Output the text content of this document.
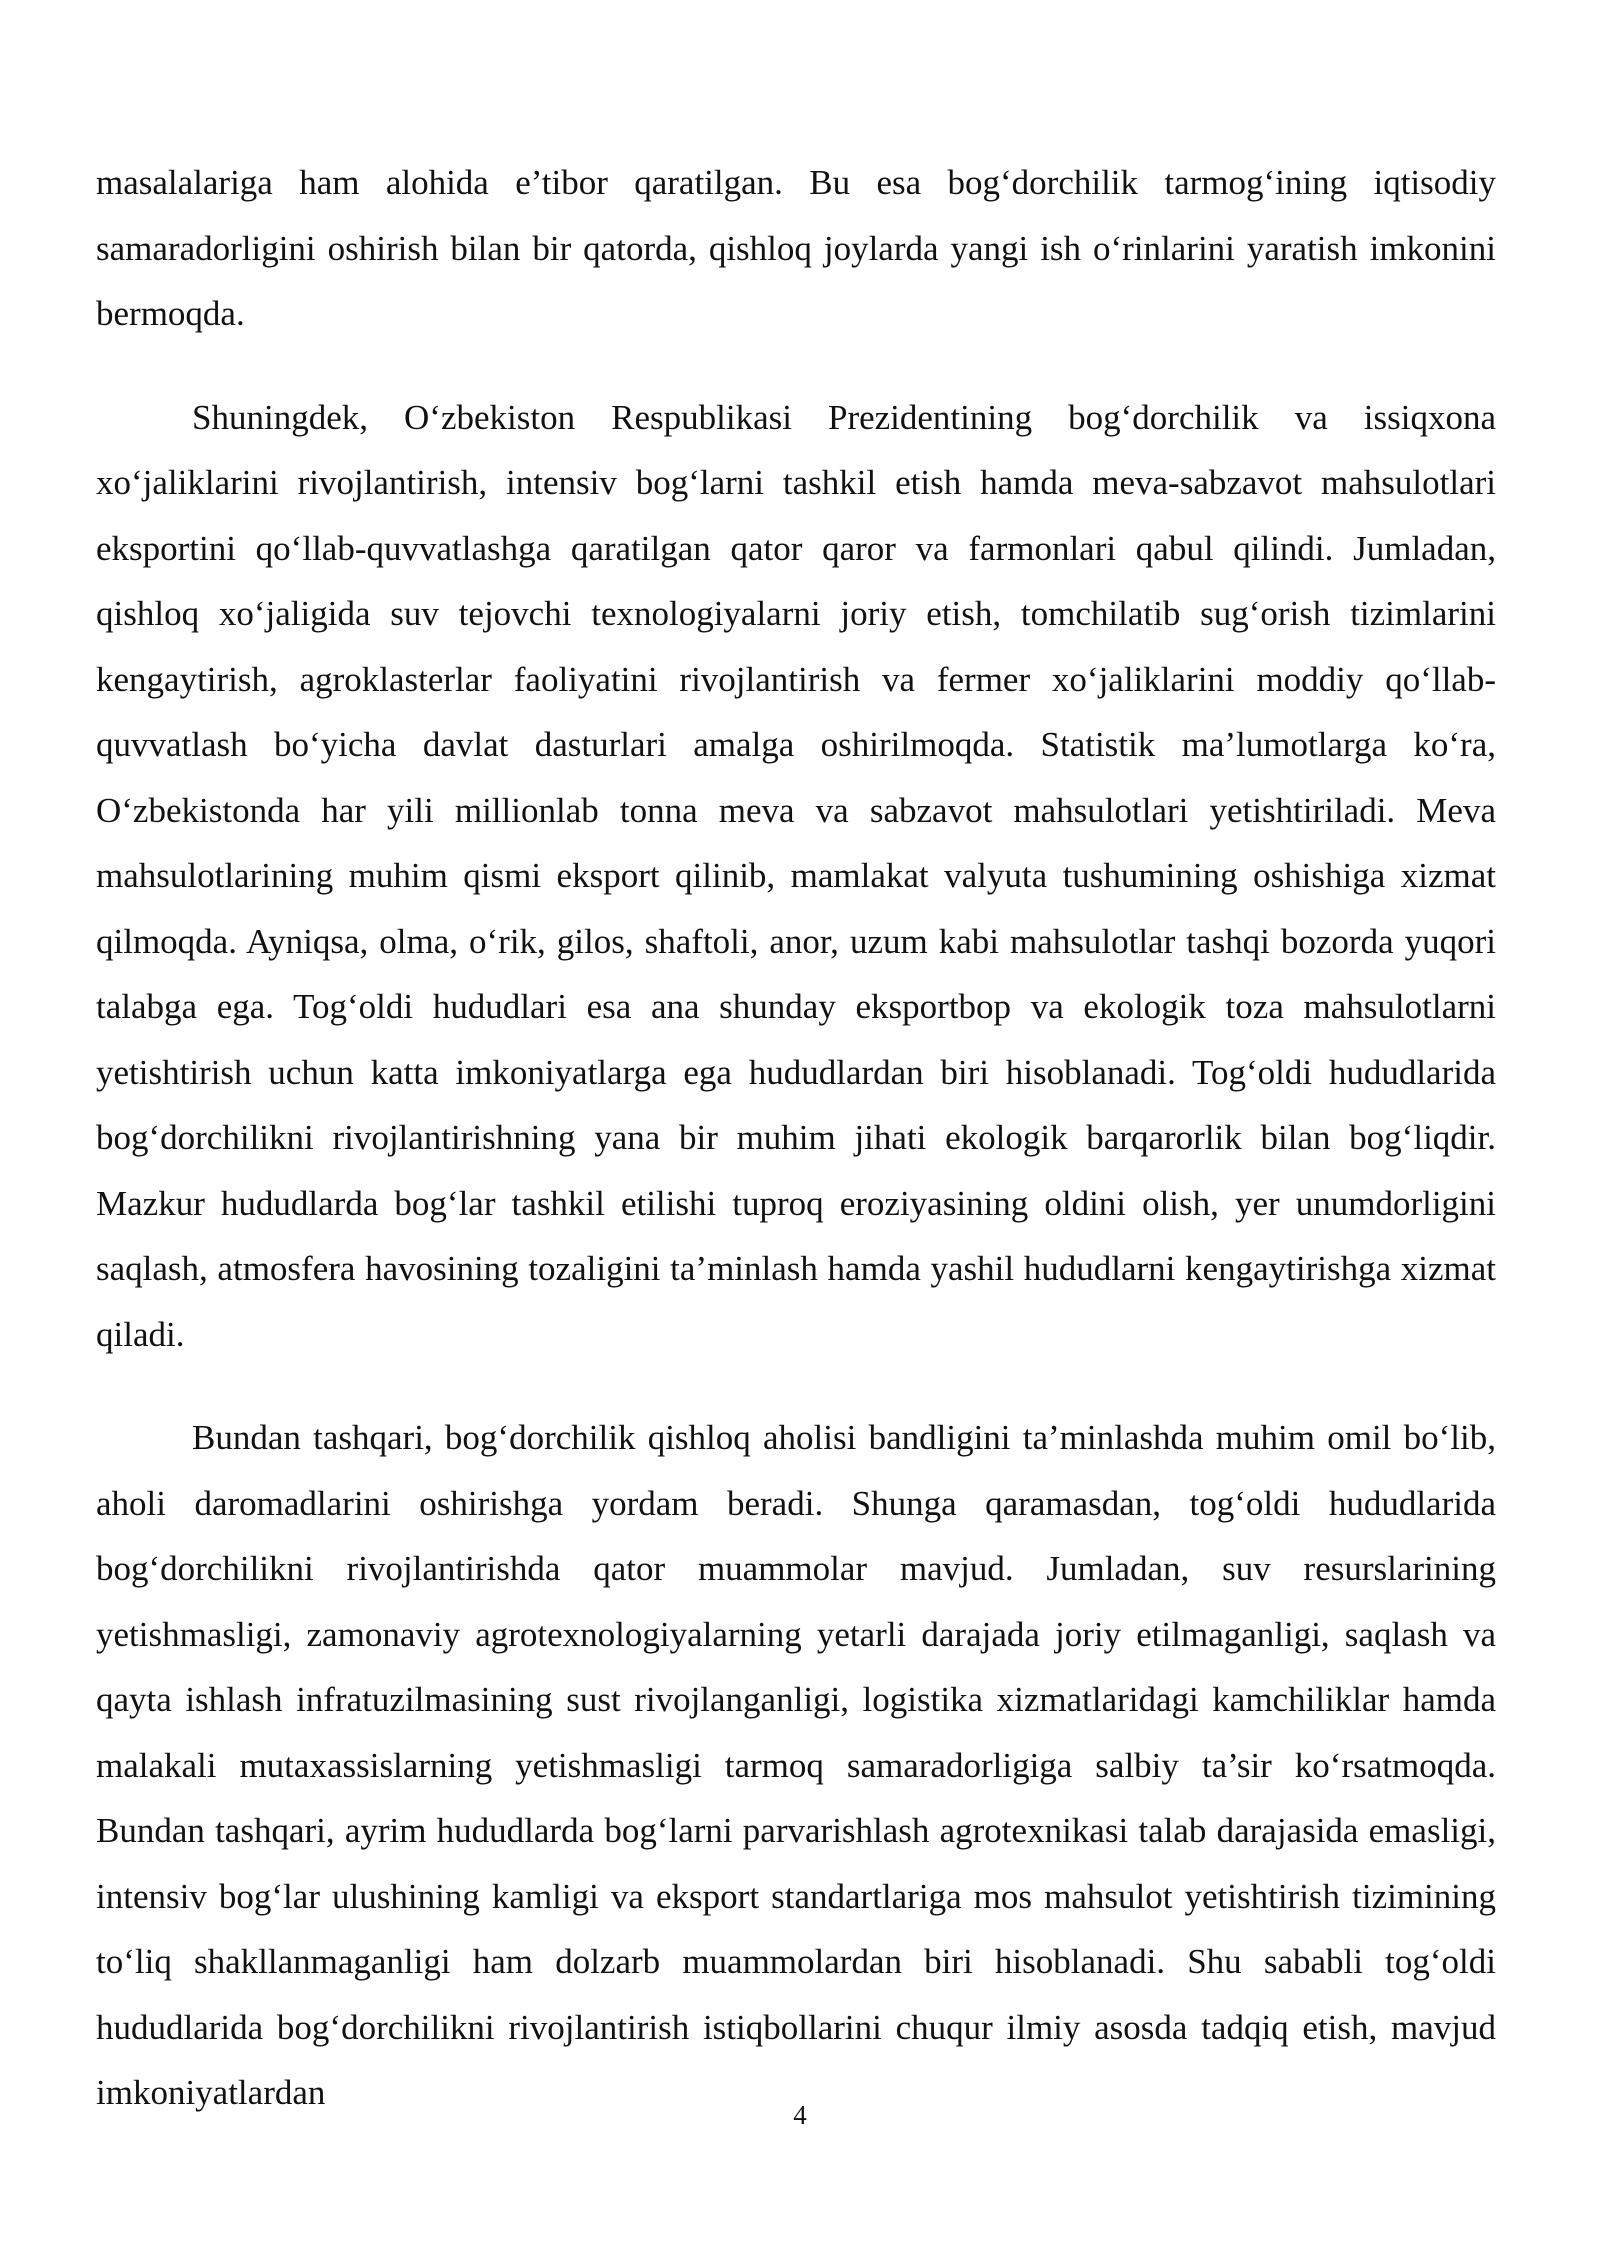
masalalariga ham alohida e’tibor qaratilgan. Bu esa bog‘dorchilik tarmog‘ining iqtisodiy samaradorligini oshirish bilan bir qatorda, qishloq joylarda yangi ish o‘rinlarini yaratish imkonini bermoqda.

Shuningdek, O‘zbekiston Respublikasi Prezidentining bog‘dorchilik va issiqxona xo‘jaliklarini rivojlantirish, intensiv bog‘larni tashkil etish hamda meva-sabzavot mahsulotlari eksportini qo‘llab-quvvatlashga qaratilgan qator qaror va farmonlari qabul qilindi. Jumladan, qishloq xo‘jaligida suv tejovchi texnologiyalarni joriy etish, tomchilatib sug‘orish tizimlarini kengaytirish, agroklasterlar faoliyatini rivojlantirish va fermer xo‘jaliklarini moddiy qo‘llab-quvvatlash bo‘yicha davlat dasturlari amalga oshirilmoqda. Statistik ma’lumotlarga ko‘ra, O‘zbekistonda har yili millionlab tonna meva va sabzavot mahsulotlari yetishtiriladi. Meva mahsulotlarining muhim qismi eksport qilinib, mamlakat valyuta tushumining oshishiga xizmat qilmoqda. Ayniqsa, olma, o‘rik, gilos, shaftoli, anor, uzum kabi mahsulotlar tashqi bozorda yuqori talabga ega. Tog‘oldi hududlari esa ana shunday eksportbop va ekologik toza mahsulotlarni yetishtirish uchun katta imkoniyatlarga ega hududlardan biri hisoblanadi. Tog‘oldi hududlarida bog‘dorchilikni rivojlantirishning yana bir muhim jihati ekologik barqarorlik bilan bog‘liqdir. Mazkur hududlarda bog‘lar tashkil etilishi tuproq eroziyasining oldini olish, yer unumdorligini saqlash, atmosfera havosining tozaligini ta’minlash hamda yashil hududlarni kengaytirishga xizmat qiladi.

Bundan tashqari, bog‘dorchilik qishloq aholisi bandligini ta’minlashda muhim omil bo‘lib, aholi daromadlarini oshirishga yordam beradi. Shunga qaramasdan, tog‘oldi hududlarida bog‘dorchilikni rivojlantirishda qator muammolar mavjud. Jumladan, suv resurslarining yetishmasligi, zamonaviy agrotexnologiyalarning yetarli darajada joriy etilmaganligi, saqlash va qayta ishlash infratuzilmasining sust rivojlanganligi, logistika xizmatlaridagi kamchiliklar hamda malakali mutaxassislarning yetishmasligi tarmoq samaradorligiga salbiy ta’sir ko‘rsatmoqda. Bundan tashqari, ayrim hududlarda bog‘larni parvarishlash agrotexnikasi talab darajasida emasligi, intensiv bog‘lar ulushining kamligi va eksport standartlariga mos mahsulot yetishtirish tizimining to‘liq shakllanmaganligi ham dolzarb muammolardan biri hisoblanadi. Shu sababli tog‘oldi hududlarida bog‘dorchilikni rivojlantirish istiqbollarini chuqur ilmiy asosda tadqiq etish, mavjud imkoniyatlardan

4
